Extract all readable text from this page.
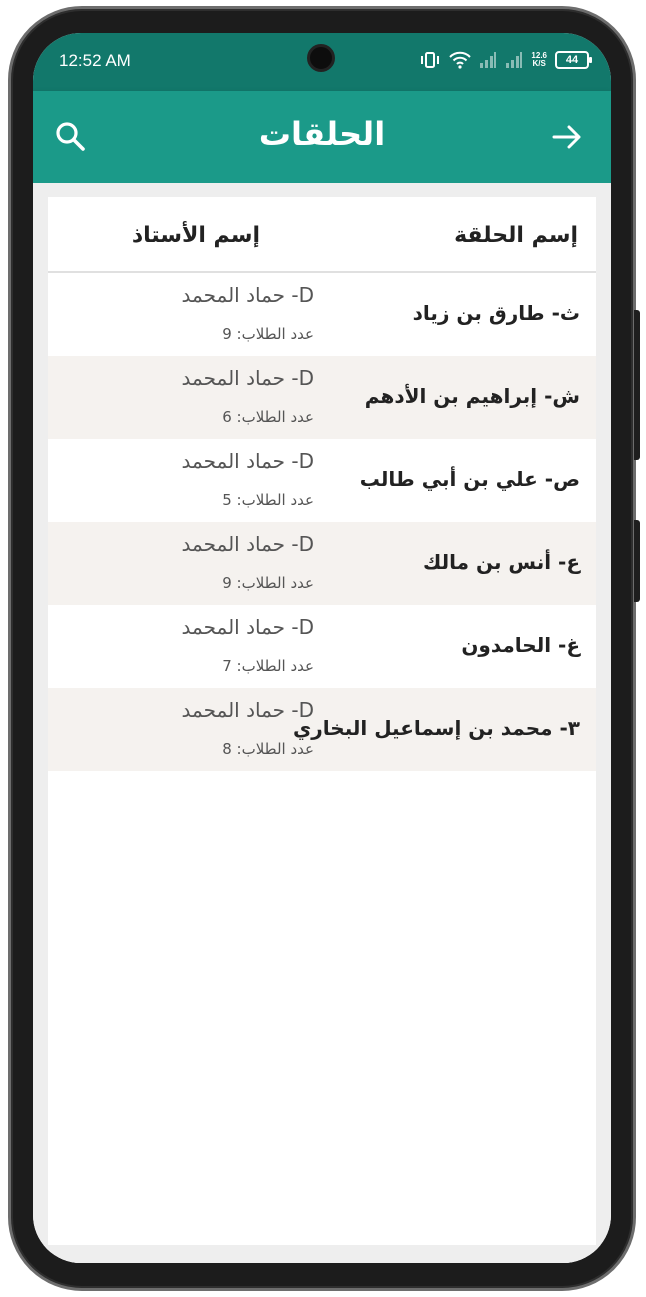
12:52 AM	12.6
K/S	44
الحلقات
إسم الحلقة
إسم الأستاذ
ث- طارق بن زياد
D- حماد المحمد
عدد الطلاب: 9
ش- إبراهيم بن الأدهم
D- حماد المحمد
عدد الطلاب: 6
ص- علي بن أبي طالب
D- حماد المحمد
عدد الطلاب: 5
ع- أنس بن مالك
D- حماد المحمد
عدد الطلاب: 9
غ- الحامدون
D- حماد المحمد
عدد الطلاب: 7
٣- محمد بن إسماعيل البخاري
D- حماد المحمد
عدد الطلاب: 8
